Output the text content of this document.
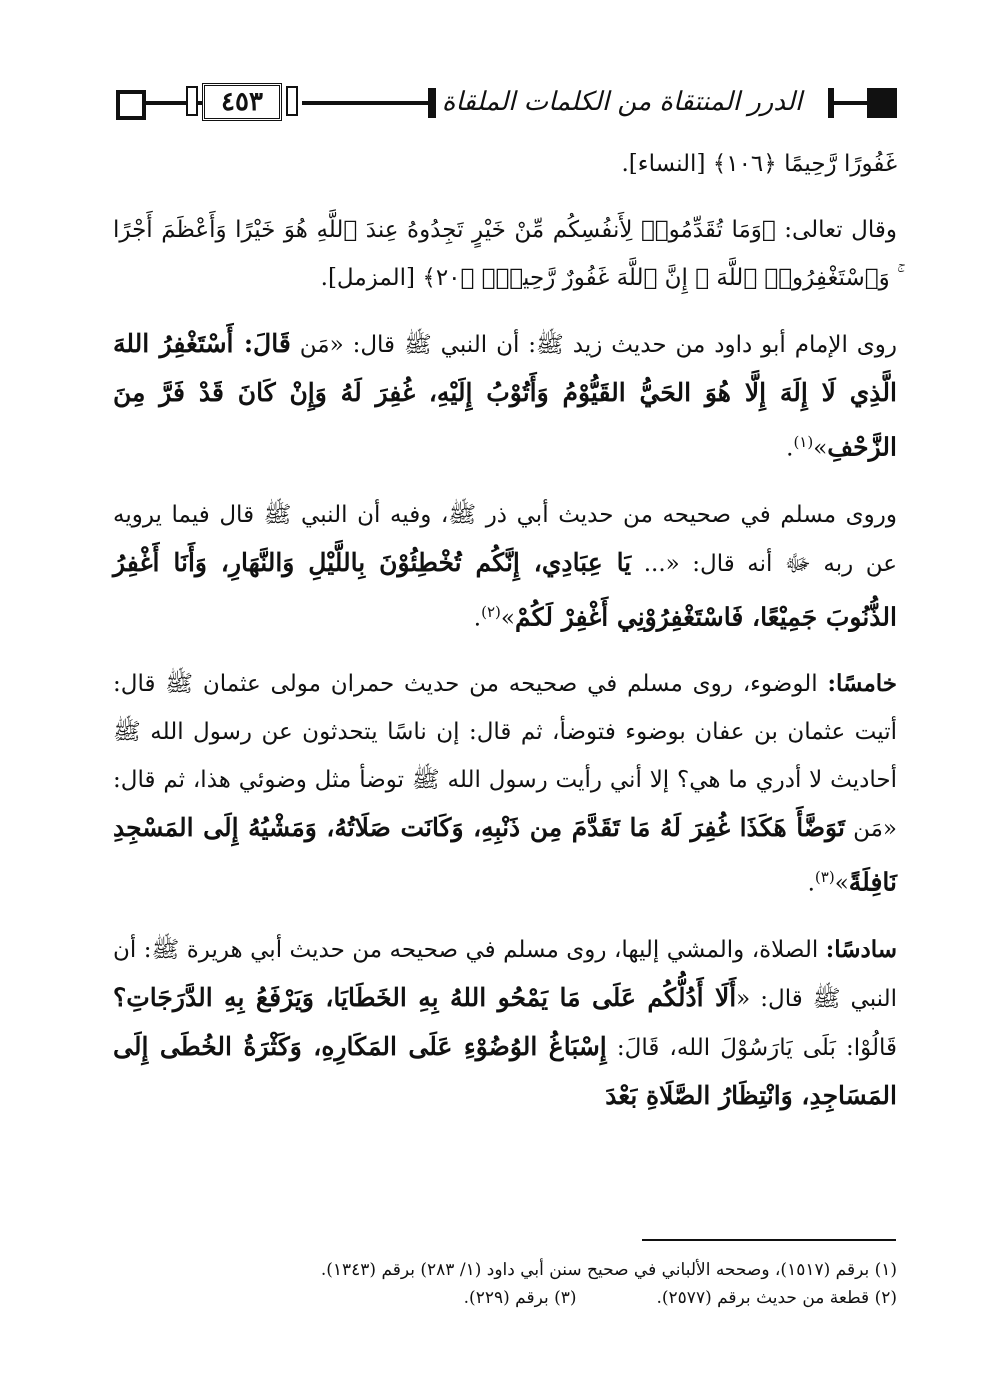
٤٥٣	الدرر المنتقاة من الكلمات الملقاة

غَفُورًا رَّحِيمًا ﴿١٠٦﴾ [النساء].

وقال تعالى: ﴿وَمَا تُقَدِّمُوا۟ لِأَنفُسِكُم مِّنْ خَيْرٍ تَجِدُوهُ عِندَ ٱللَّهِ هُوَ خَيْرًا وَأَعْظَمَ أَجْرًا ۚ وَٱسْتَغْفِرُوا۟ ٱللَّهَ ۖ إِنَّ ٱللَّهَ غَفُورٌ رَّحِيمٌۢ ﴿٢٠﴾ [المزمل].

روى الإمام أبو داود من حديث زيد ﷺ: أن النبي ﷺ قال: «مَن قَالَ: أَسْتَغْفِرُ اللهَ الَّذِي لَا إِلَهَ إِلَّا هُوَ الحَيُّ القَيُّوْمُ وَأَتُوْبُ إِلَيْهِ، غُفِرَ لَهُ وَإِنْ كَانَ قَدْ فَرَّ مِنَ الزَّحْفِ»$^{(١)}$.

وروى مسلم في صحيحه من حديث أبي ذر ﷺ، وفيه أن النبي ﷺ قال فيما يرويه عن ربه ﷻ أنه قال: «... يَا عِبَادِي، إِنَّكُم تُخْطِئُوْنَ بِاللَّيْلِ وَالنَّهَارِ، وَأَنَا أَغْفِرُ الذُّنُوبَ جَمِيْعًا، فَاسْتَغْفِرُوْنِي أَغْفِرْ لَكُمْ»$^{(٢)}$.

خامسًا: الوضوء، روى مسلم في صحيحه من حديث حمران مولى عثمان ﷺ قال: أتيت عثمان بن عفان بوضوء فتوضأ، ثم قال: إن ناسًا يتحدثون عن رسول الله ﷺ أحاديث لا أدري ما هي؟ إلا أني رأيت رسول الله ﷺ توضأ مثل وضوئي هذا، ثم قال: «مَن تَوَضَّأَ هَكَذَا غُفِرَ لَهُ مَا تَقَدَّمَ مِن ذَنْبِهِ، وَكَانَت صَلَاتُهُ، وَمَشْيُهُ إِلَى المَسْجِدِ نَافِلَةً»$^{(٣)}$.

سادسًا: الصلاة، والمشي إليها، روى مسلم في صحيحه من حديث أبي هريرة ﷺ: أن النبي ﷺ قال: «أَلَا أَدُلُّكُم عَلَى مَا يَمْحُو اللهُ بِهِ الخَطَايَا، وَيَرْفَعُ بِهِ الدَّرَجَاتِ؟ قَالُوْا: بَلَى يَارَسُوْلَ الله، قَالَ: إِسْبَاغُ الوُضُوْءِ عَلَى المَكَارِهِ، وَكَثْرَةُ الخُطَى إِلَى المَسَاجِدِ، وَانْتِظَارُ الصَّلَاةِ بَعْدَ

(١) برقم (١٥١٧)، وصححه الألباني في صحيح سنن أبي داود (١/ ٢٨٣) برقم (١٣٤٣).
(٢) قطعة من حديث برقم (٢٥٧٧).(٣) برقم (٢٢٩).
